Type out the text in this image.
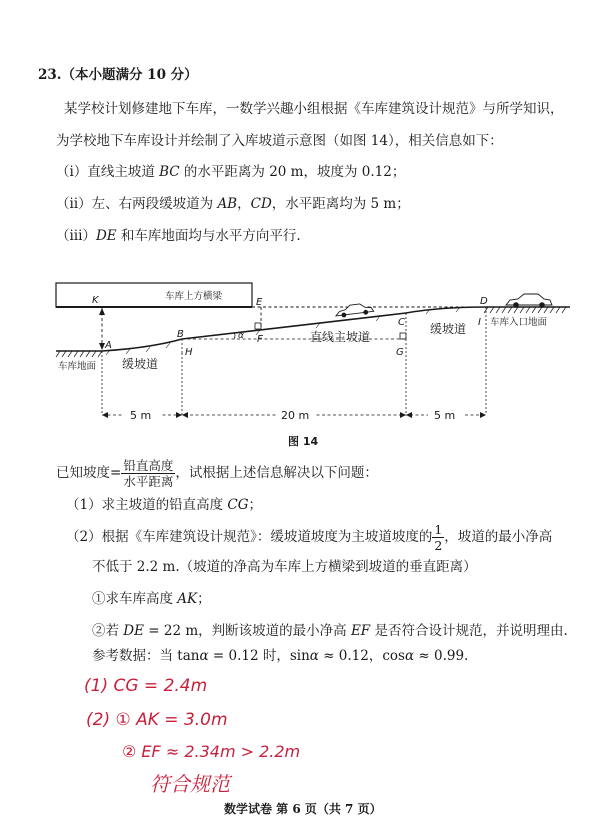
23.（本小题满分 10 分）
某学校计划修建地下车库，一数学兴趣小组根据《车库建筑设计规范》与所学知识，
为学校地下车库设计并绘制了入库坡道示意图（如图 14），相关信息如下：
（ⅰ）直线主坡道 BC 的水平距离为 20 m，坡度为 0.12；
（ⅱ）左、右两段缓坡道为 AB，CD，水平距离均为 5 m；
（ⅲ）DE 和车库地面均与水平方向平行.
车库上方横梁
车库入口地面
车库地面
K	E	D
C	I
B
A
H
F
G
α	直线主坡道
缓坡道
缓坡道
5 m	20 m	5 m
图 14
已知坡度= $\frac{\text{铅直高度}}{\text{水平距离}}$ ，试根据上述信息解决以下问题：
（1）求主坡道的铅直高度 CG；
（2）根据《车库建筑设计规范》：缓坡道坡度为主坡道坡度的 $\frac{1}{2}$ ，坡道的最小净高
不低于 2.2 m.（坡道的净高为车库上方横梁到坡道的垂直距离）
①求车库高度 AK；
②若 DE = 22 m，判断该坡道的最小净高 EF 是否符合设计规范，并说明理由.
参考数据：当 tanα = 0.12 时，sinα ≈ 0.12，cosα ≈ 0.99.
(1) CG = 2.4m
(2) ① AK = 3.0m
② EF ≈ 2.34m > 2.2m
符合规范
数学试卷 第 6 页（共 7 页）
